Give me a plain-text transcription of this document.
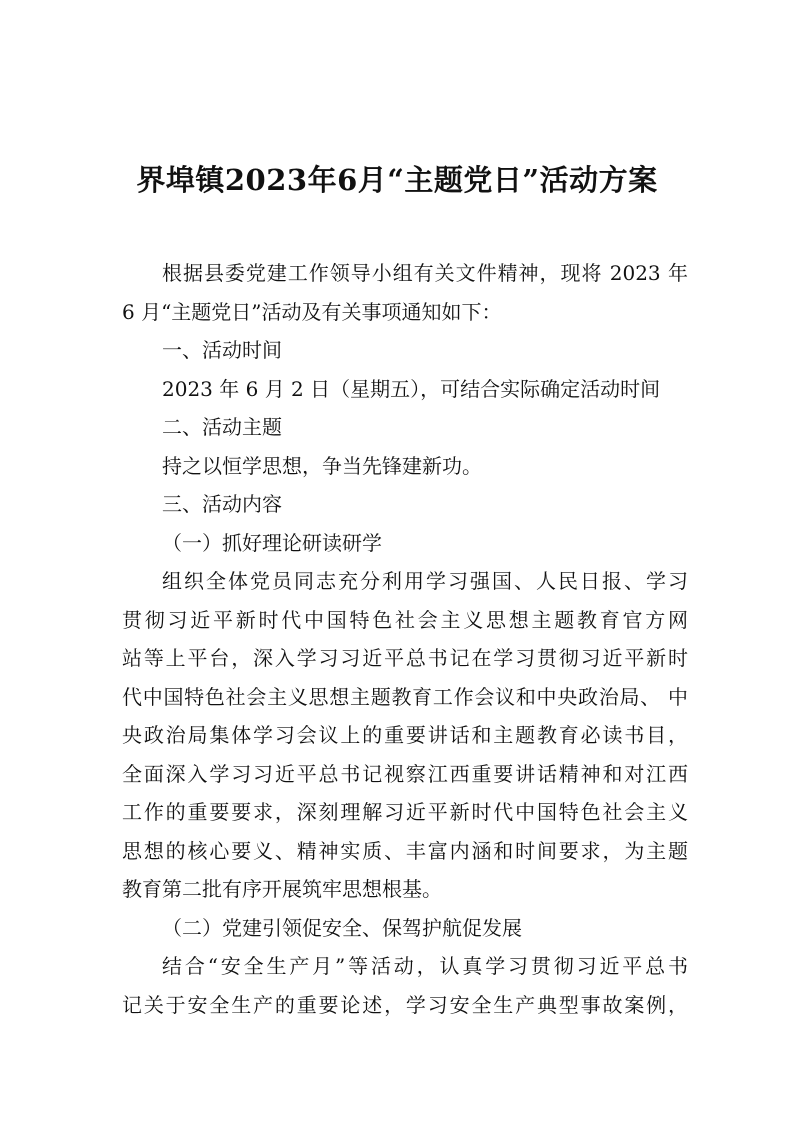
界埠镇2023年6月“主题党日”活动方案
根据县委党建工作领导小组有关文件精神，现将 2023 年
6 月“主题党日”活动及有关事项通知如下：
一、活动时间
2023 年 6 月 2 日（星期五），可结合实际确定活动时间
二、活动主题
持之以恒学思想，争当先锋建新功。
三、活动内容
（一）抓好理论研读研学
组织全体党员同志充分利用学习强国、人民日报、学习
贯彻习近平新时代中国特色社会主义思想主题教育官方网
站等上平台，深入学习习近平总书记在学习贯彻习近平新时
代中国特色社会主义思想主题教育工作会议和中央政治局、 中
央政治局集体学习会议上的重要讲话和主题教育必读书目，
全面深入学习习近平总书记视察江西重要讲话精神和对江西
工作的重要要求，深刻理解习近平新时代中国特色社会主义
思想的核心要义、精神实质、丰富内涵和时间要求，为主题
教育第二批有序开展筑牢思想根基。
（二）党建引领促安全、保驾护航促发展
结合“安全生产月”等活动，认真学习贯彻习近平总书
记关于安全生产的重要论述，学习安全生产典型事故案例，
